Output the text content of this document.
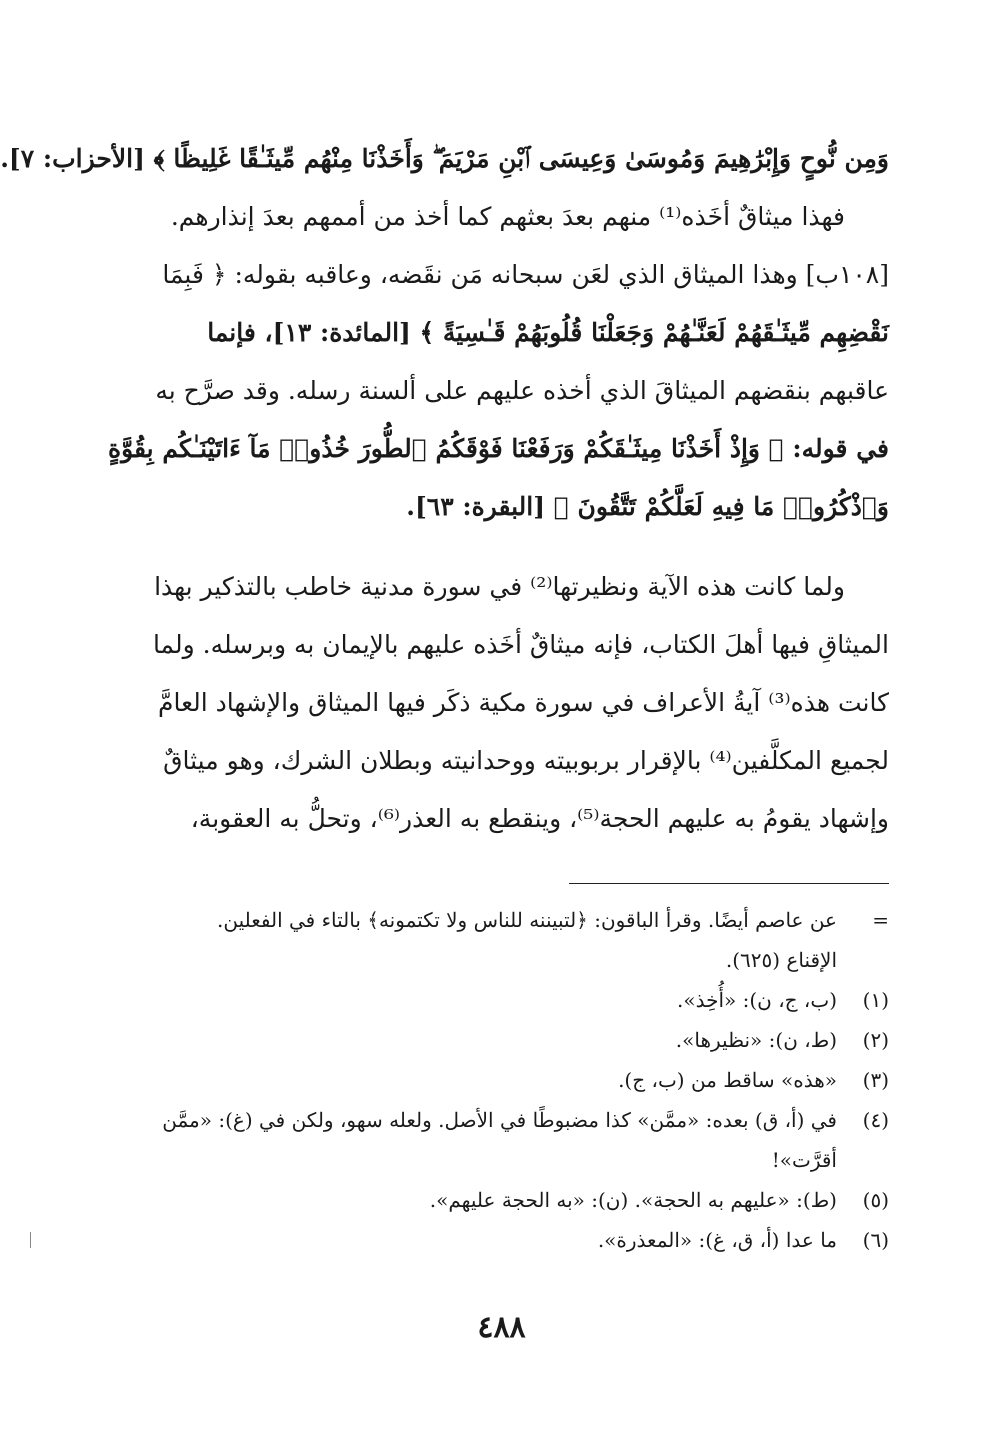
وَمِن نُّوحٍ وَإِبْرَٰهِيمَ وَمُوسَىٰ وَعِيسَى ٱبْنِ مَرْيَمَ ۖ وَأَخَذْنَا مِنْهُم مِّيثَـٰقًا غَلِيظًا ﴾ [الأحزاب: ٧].
فهذا ميثاقٌ أخَذه⁽¹⁾ منهم بعدَ بعثهم كما أخذ من أممهم بعدَ إنذارهم.
[١٠٨ب] وهذا الميثاق الذي لعَن سبحانه مَن نقَضه، وعاقبه بقوله: ﴿ فَبِمَا
نَقْضِهِم مِّيثَـٰقَهُمْ لَعَنَّـٰهُمْ وَجَعَلْنَا قُلُوبَهُمْ قَـٰسِيَةً ﴾ [المائدة: ١٣]، فإنما
عاقبهم بنقضهم الميثاقَ الذي أخذه عليهم على ألسنة رسله. وقد صرَّح به
في قوله: ﴿ وَإِذْ أَخَذْنَا مِيثَـٰقَكُمْ وَرَفَعْنَا فَوْقَكُمُ ٱلطُّورَ خُذُوا۟ مَآ ءَاتَيْنَـٰكُم بِقُوَّةٍ
وَٱذْكُرُوا۟ مَا فِيهِ لَعَلَّكُمْ تَتَّقُونَ ﴾ [البقرة: ٦٣].
ولما كانت هذه الآية ونظيرتها⁽²⁾ في سورة مدنية خاطب بالتذكير بهذا
الميثاقِ فيها أهلَ الكتاب، فإنه ميثاقٌ أخَذه عليهم بالإيمان به وبرسله. ولما
كانت هذه⁽³⁾ آيةُ الأعراف في سورة مكية ذكَر فيها الميثاق والإشهاد العامَّ
لجميع المكلَّفين⁽⁴⁾ بالإقرار بربوبيته ووحدانيته وبطلان الشرك، وهو ميثاقٌ
وإشهاد يقومُ به عليهم الحجة⁽⁵⁾، وينقطع به العذر⁽⁶⁾، وتحلُّ به العقوبة،
=
عن عاصم أيضًا. وقرأ الباقون: ﴿لتبيننه للناس ولا تكتمونه﴾ بالتاء في الفعلين.
الإقناع (٦٢٥).
(١)
(ب، ج، ن): «أُخِذ».
(٢)
(ط، ن): «نظيرها».
(٣)
«هذه» ساقط من (ب، ج).
(٤)
في (أ، ق) بعده: «ممَّن» كذا مضبوطًا في الأصل. ولعله سهو، ولكن في (غ): «ممَّن
أقرَّت»!
(٥)
(ط): «عليهم به الحجة». (ن): «به الحجة عليهم».
(٦)
ما عدا (أ، ق، غ): «المعذرة».
٤٨٨
